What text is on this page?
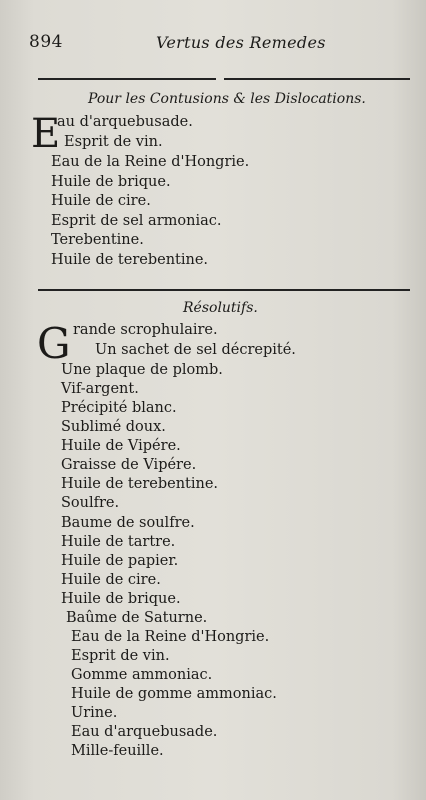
894	Vertus des Remedes
Pour les Contusions & les Dislocations.
E
au d'arquebusade.
Esprit de vin.
Eau de la Reine d'Hongrie.
Huile de brique.
Huile de cire.
Esprit de sel armoniac.
Terebentine.
Huile de terebentine.
Résolutifs.
G rande scrophulaire.
Un sachet de sel décrepité.
Une plaque de plomb.
Vif-argent.
Précipité blanc.
Sublimé doux.
Huile de Vipére.
Graisse de Vipére.
Huile de terebentine.
Soulfre.
Baume de soulfre.
Huile de tartre.
Huile de papier.
Huile de cire.
Huile de brique.
Baûme de Saturne.
Eau de la Reine d'Hongrie.
Esprit de vin.
Gomme ammoniac.
Huile de gomme ammoniac.
Urine.
Eau d'arquebusade.
Mille-feuille.
